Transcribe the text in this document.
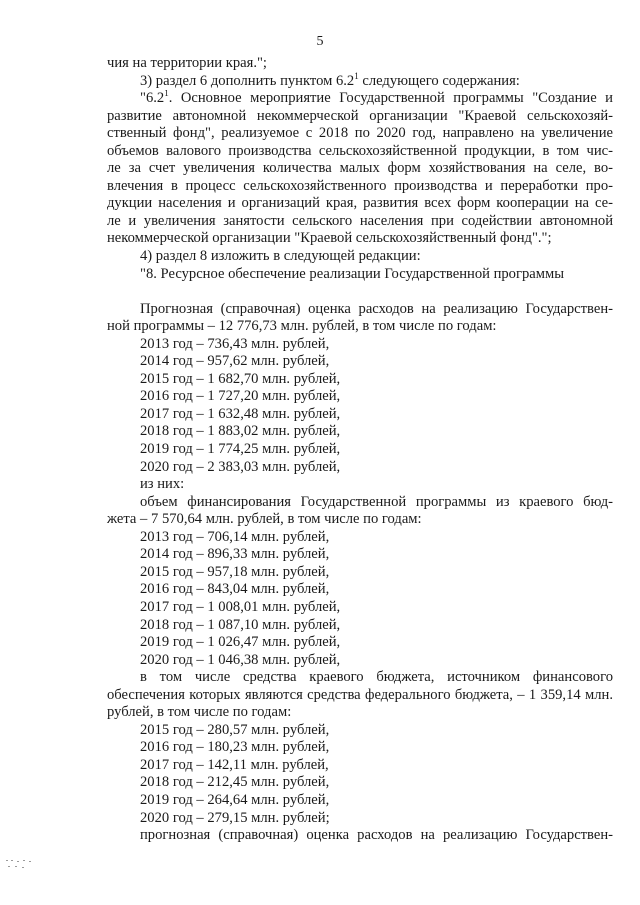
5
чия на территории края.";
3) раздел 6 дополнить пунктом $6.2^1$ следующего содержания:
"$6.2^1$. Основное мероприятие Государственной программы "Создание и
развитие автономной некоммерческой организации "Краевой сельскохозяй-
ственный фонд", реализуемое с 2018 по 2020 год, направлено на увеличение
объемов валового производства сельскохозяйственной продукции, в том чис-
ле за счет увеличения количества малых форм хозяйствования на селе, во-
влечения в процесс сельскохозяйственного производства и переработки про-
дукции населения и организаций края, развития всех форм кооперации на се-
ле и увеличения занятости сельского населения при содействии автономной
некоммерческой организации "Краевой сельскохозяйственный фонд".";
4) раздел 8 изложить в следующей редакции:
"8. Ресурсное обеспечение реализации Государственной программы
Прогнозная (справочная) оценка расходов на реализацию Государствен-
ной программы – 12 776,73 млн. рублей, в том числе по годам:
2013 год – 736,43 млн. рублей,
2014 год – 957,62 млн. рублей,
2015 год – 1 682,70 млн. рублей,
2016 год – 1 727,20 млн. рублей,
2017 год – 1 632,48 млн. рублей,
2018 год – 1 883,02 млн. рублей,
2019 год – 1 774,25 млн. рублей,
2020 год – 2 383,03 млн. рублей,
из них:
объем финансирования Государственной программы из краевого бюд-
жета – 7 570,64 млн. рублей, в том числе по годам:
2013 год – 706,14 млн. рублей,
2014 год – 896,33 млн. рублей,
2015 год – 957,18 млн. рублей,
2016 год – 843,04 млн. рублей,
2017 год – 1 008,01 млн. рублей,
2018 год – 1 087,10 млн. рублей,
2019 год – 1 026,47 млн. рублей,
2020 год – 1 046,38 млн. рублей,
в том числе средства краевого бюджета, источником финансового
обеспечения которых являются средства федерального бюджета, – 1 359,14 млн.
рублей, в том числе по годам:
2015 год – 280,57 млн. рублей,
2016 год – 180,23 млн. рублей,
2017 год – 142,11 млн. рублей,
2018 год – 212,45 млн. рублей,
2019 год – 264,64 млн. рублей,
2020 год – 279,15 млн. рублей;
прогнозная (справочная) оценка расходов на реализацию Государствен-
